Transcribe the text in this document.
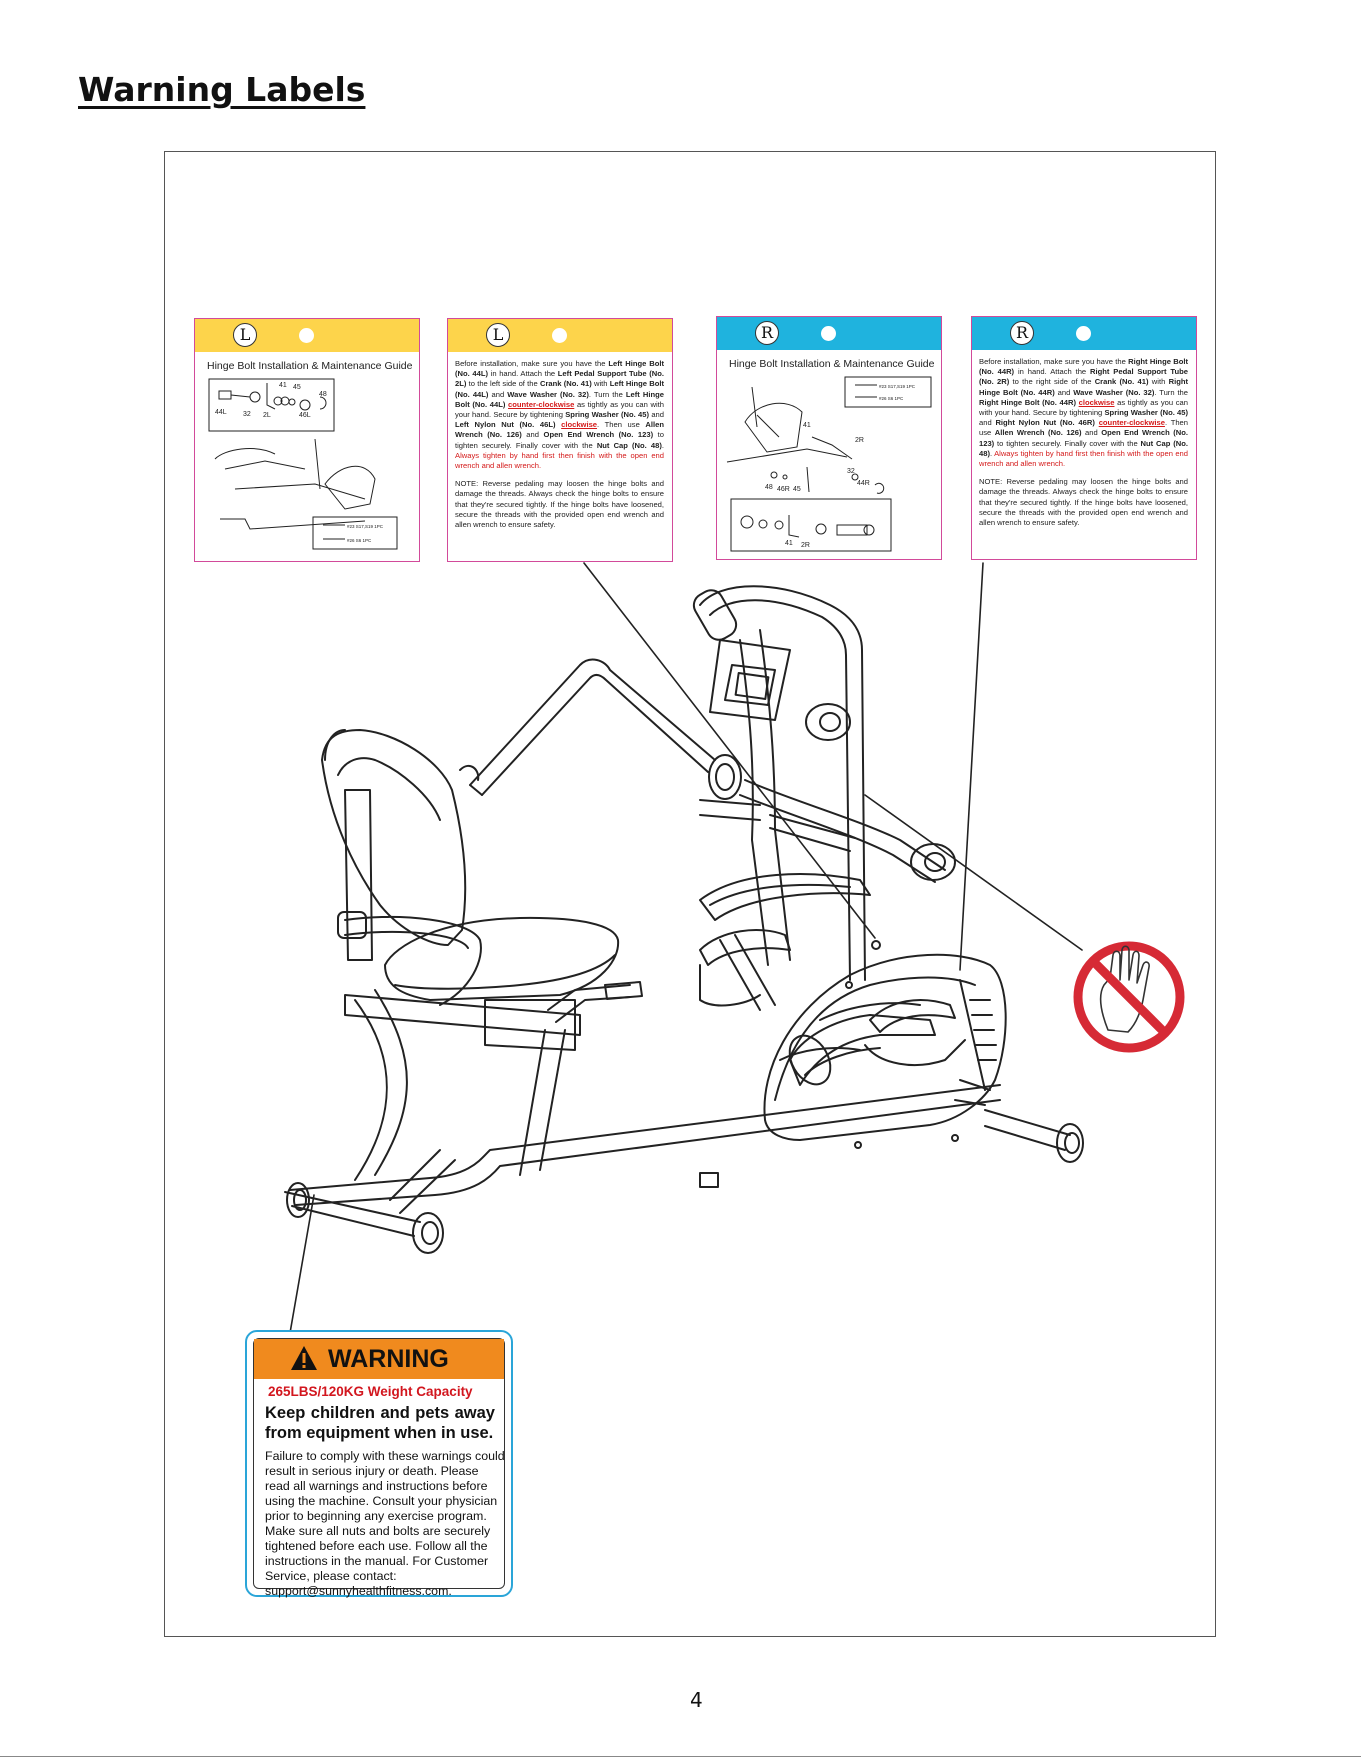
Warning Labels
L
Hinge Bolt Installation & Maintenance Guide
44L 32 2L
41 45
46L
48
#23 S17,S19 1PC
#26 S6 1PC
L

Before installation, make sure you have the Left Hinge Bolt (No. 44L) in hand. Attach the Left Pedal Support Tube (No. 2L) to the left side of the Crank (No. 41) with Left Hinge Bolt (No. 44L) and Wave Washer (No. 32). Turn the Left Hinge Bolt (No. 44L) counter-clockwise as tightly as you can with your hand. Secure by tightening Spring Washer (No. 45) and Left Nylon Nut (No. 46L) clockwise. Then use Allen Wrench (No. 126) and Open End Wrench (No. 123) to tighten securely. Finally cover with the Nut Cap (No. 48). Always tighten by hand first then finish with the open end wrench and allen wrench.

NOTE: Reverse pedaling may loosen the hinge bolts and damage the threads. Always check the hinge bolts to ensure that they're secured tightly. If the hinge bolts have loosened, secure the threads with the provided open end wrench and allen wrench to ensure safety.

R
Hinge Bolt Installation & Maintenance Guide
41
2R
48 46R 45
32
44R
41 2R
#23 S17,S19 1PC
#26 S6 1PC
R

Before installation, make sure you have the Right Hinge Bolt (No. 44R) in hand. Attach the Right Pedal Support Tube (No. 2R) to the right side of the Crank (No. 41) with Right Hinge Bolt (No. 44R) and Wave Washer (No. 32). Turn the Right Hinge Bolt (No. 44R) clockwise as tightly as you can with your hand. Secure by tightening Spring Washer (No. 45) and Right Nylon Nut (No. 46R) counter-clockwise. Then use Allen Wrench (No. 126) and Open End Wrench (No. 123) to tighten securely. Finally cover with the Nut Cap (No. 48). Always tighten by hand first then finish with the open end wrench and allen wrench.

NOTE: Reverse pedaling may loosen the hinge bolts and damage the threads. Always check the hinge bolts to ensure that they're secured tightly. If the hinge bolts have loosened, secure the threads with the provided open end wrench and allen wrench to ensure safety.

WARNING
265LBS/120KG Weight Capacity
Keep children and pets away from equipment when in use.
Failure to comply with these warnings could result in serious injury or death. Please read all warnings and instructions before using the machine. Consult your physician prior to beginning any exercise program. Make sure all nuts and bolts are securely tightened before each use. Follow all the instructions in the manual. For Customer Service, please contact: support@sunnyhealthfitness.com.
4
